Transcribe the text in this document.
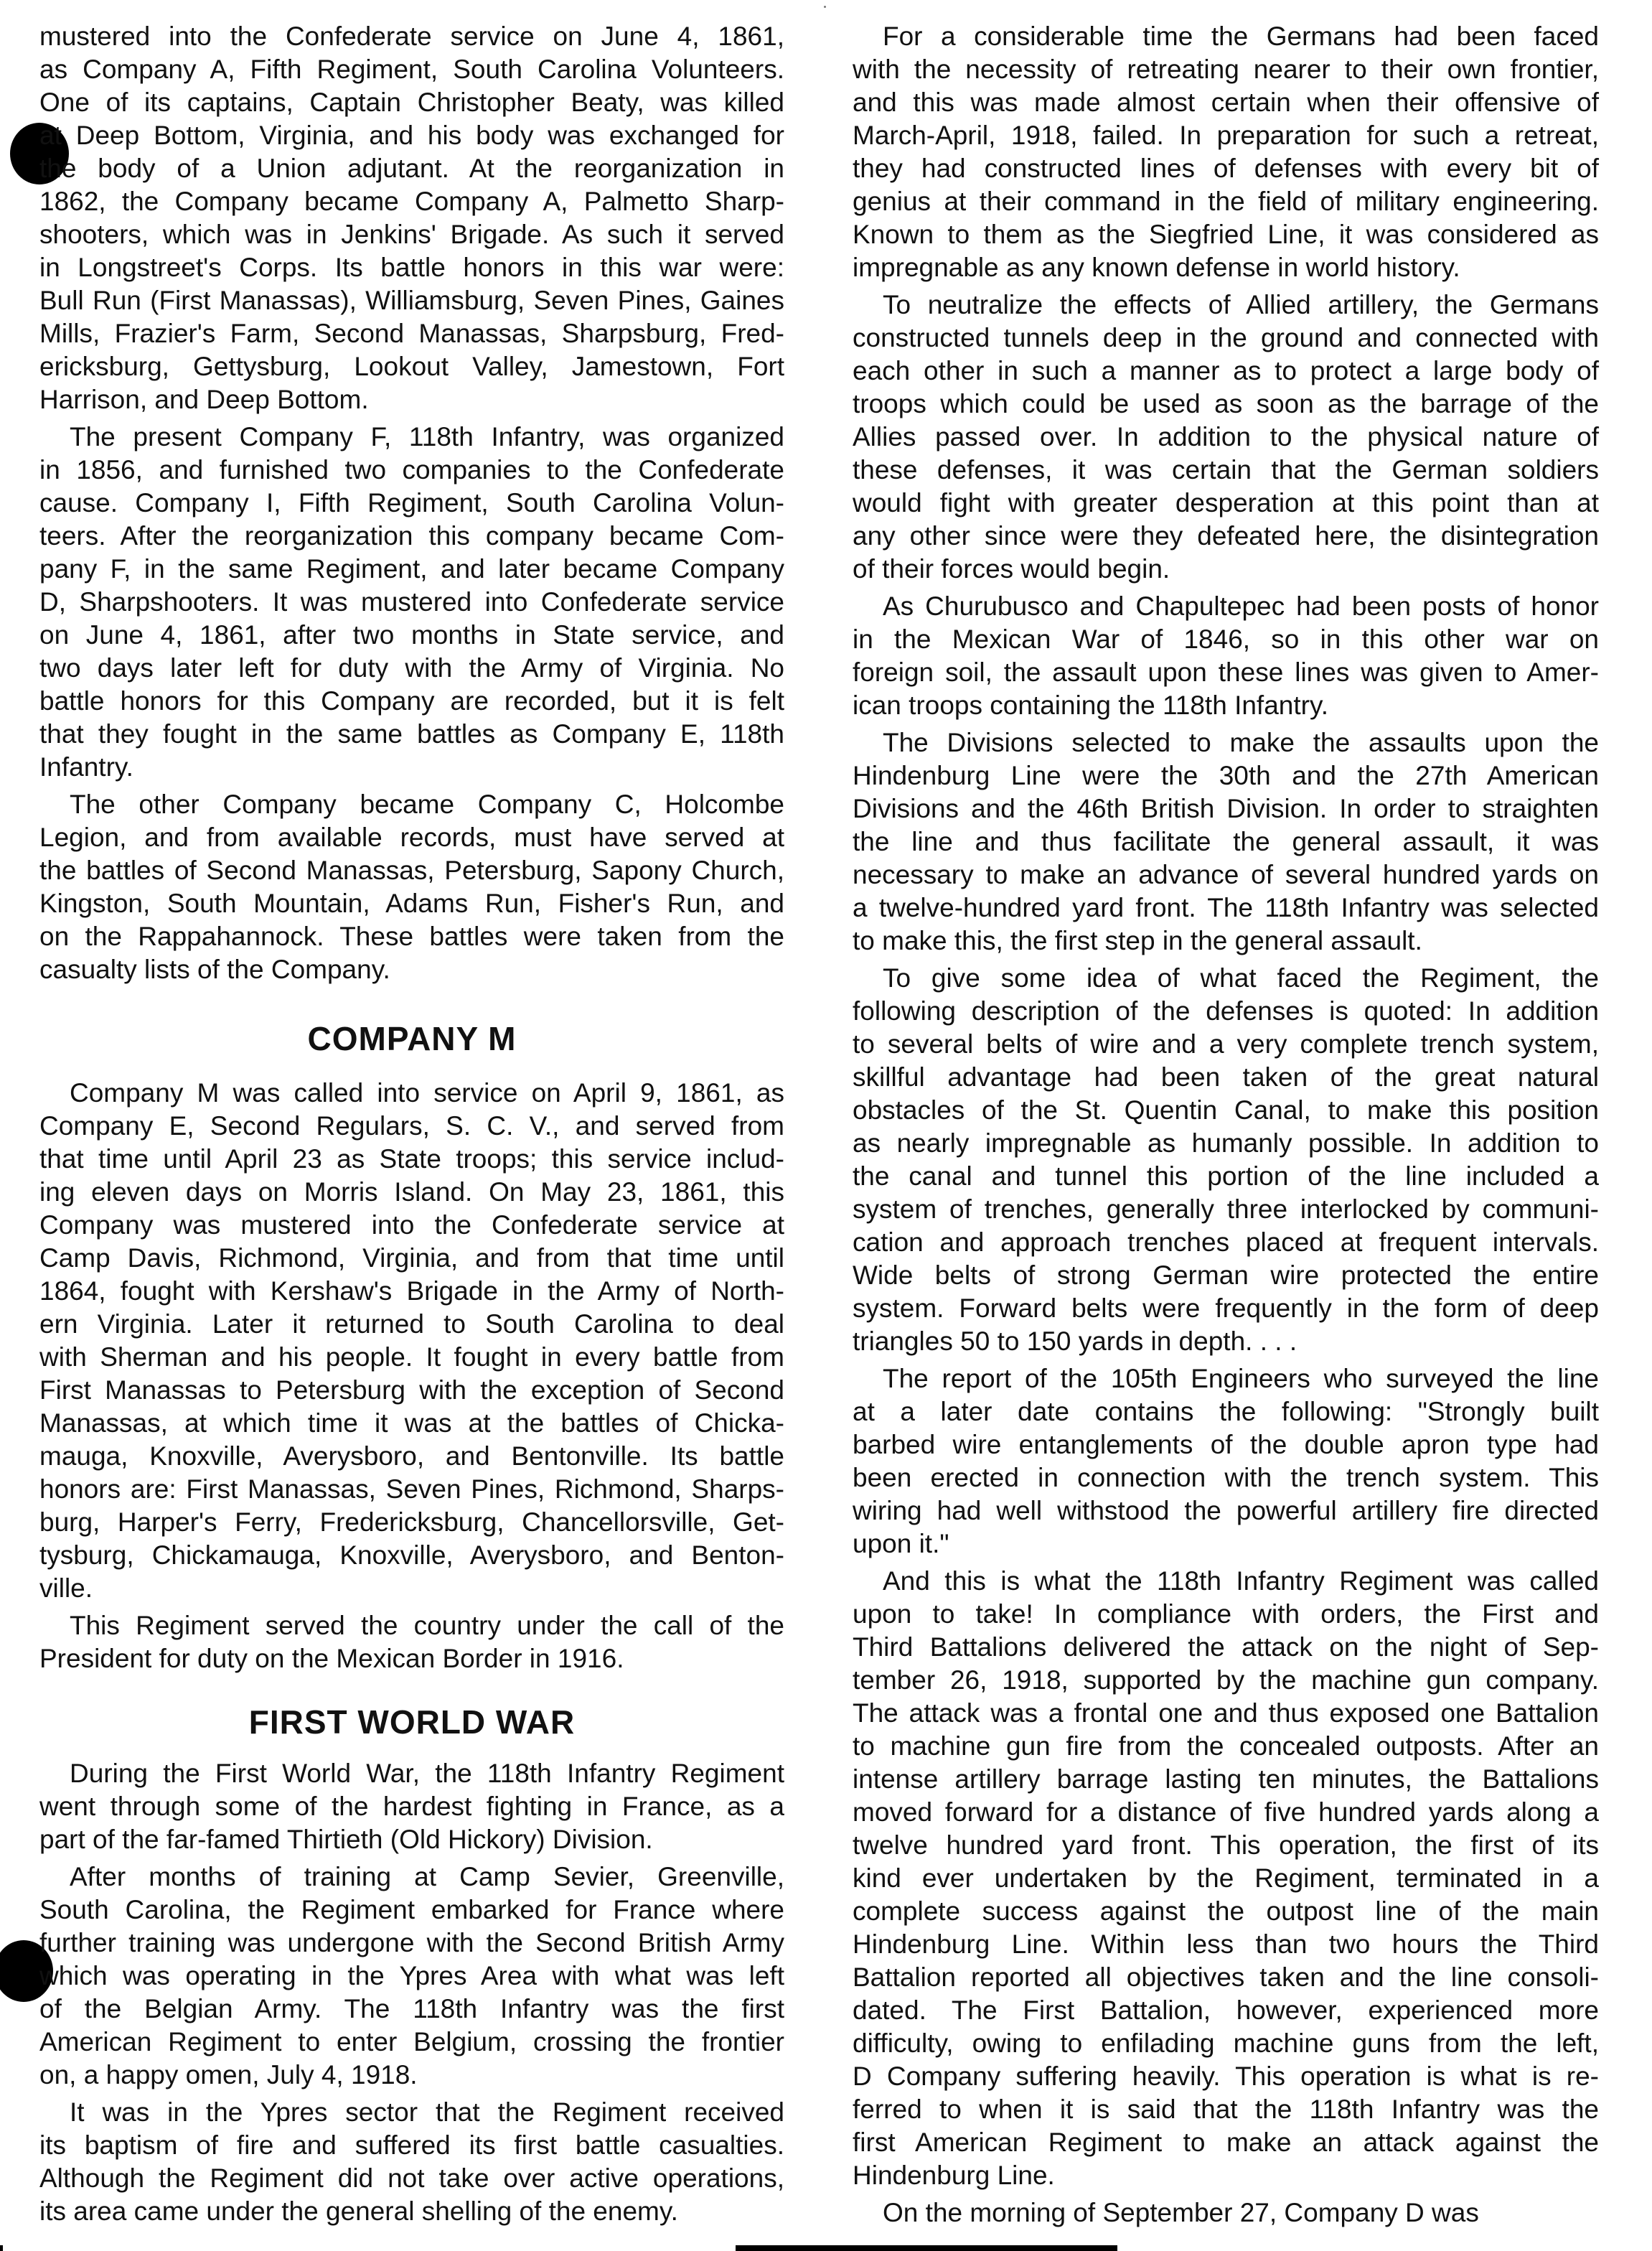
mustered into the Confederate service on June 4, 1861,
as Company A, Fifth Regiment, South Carolina Volunteers.
One of its captains, Captain Christopher Beaty, was killed
at Deep Bottom, Virginia, and his body was exchanged for
the body of a Union adjutant. At the reorganization in
1862, the Company became Company A, Palmetto Sharp-
shooters, which was in Jenkins' Brigade. As such it served
in Longstreet's Corps. Its battle honors in this war were:
Bull Run (First Manassas), Williamsburg, Seven Pines, Gaines
Mills, Frazier's Farm, Second Manassas, Sharpsburg, Fred-
ericksburg, Gettysburg, Lookout Valley, Jamestown, Fort
Harrison, and Deep Bottom.
The present Company F, 118th Infantry, was organized
in 1856, and furnished two companies to the Confederate
cause. Company I, Fifth Regiment, South Carolina Volun-
teers. After the reorganization this company became Com-
pany F, in the same Regiment, and later became Company
D, Sharpshooters. It was mustered into Confederate service
on June 4, 1861, after two months in State service, and
two days later left for duty with the Army of Virginia. No
battle honors for this Company are recorded, but it is felt
that they fought in the same battles as Company E, 118th
Infantry.
The other Company became Company C, Holcombe
Legion, and from available records, must have served at
the battles of Second Manassas, Petersburg, Sapony Church,
Kingston, South Mountain, Adams Run, Fisher's Run, and
on the Rappahannock. These battles were taken from the
casualty lists of the Company.
COMPANY M
Company M was called into service on April 9, 1861, as
Company E, Second Regulars, S. C. V., and served from
that time until April 23 as State troops; this service includ-
ing eleven days on Morris Island. On May 23, 1861, this
Company was mustered into the Confederate service at
Camp Davis, Richmond, Virginia, and from that time until
1864, fought with Kershaw's Brigade in the Army of North-
ern Virginia. Later it returned to South Carolina to deal
with Sherman and his people. It fought in every battle from
First Manassas to Petersburg with the exception of Second
Manassas, at which time it was at the battles of Chicka-
mauga, Knoxville, Averysboro, and Bentonville. Its battle
honors are: First Manassas, Seven Pines, Richmond, Sharps-
burg, Harper's Ferry, Fredericksburg, Chancellorsville, Get-
tysburg, Chickamauga, Knoxville, Averysboro, and Benton-
ville.
This Regiment served the country under the call of the
President for duty on the Mexican Border in 1916.
FIRST WORLD WAR
During the First World War, the 118th Infantry Regiment
went through some of the hardest fighting in France, as a
part of the far-famed Thirtieth (Old Hickory) Division.
After months of training at Camp Sevier, Greenville,
South Carolina, the Regiment embarked for France where
further training was undergone with the Second British Army
which was operating in the Ypres Area with what was left
of the Belgian Army. The 118th Infantry was the first
American Regiment to enter Belgium, crossing the frontier
on, a happy omen, July 4, 1918.
It was in the Ypres sector that the Regiment received
its baptism of fire and suffered its first battle casualties.
Although the Regiment did not take over active operations,
its area came under the general shelling of the enemy.
For a considerable time the Germans had been faced
with the necessity of retreating nearer to their own frontier,
and this was made almost certain when their offensive of
March-April, 1918, failed. In preparation for such a retreat,
they had constructed lines of defenses with every bit of
genius at their command in the field of military engineering.
Known to them as the Siegfried Line, it was considered as
impregnable as any known defense in world history.
To neutralize the effects of Allied artillery, the Germans
constructed tunnels deep in the ground and connected with
each other in such a manner as to protect a large body of
troops which could be used as soon as the barrage of the
Allies passed over. In addition to the physical nature of
these defenses, it was certain that the German soldiers
would fight with greater desperation at this point than at
any other since were they defeated here, the disintegration
of their forces would begin.
As Churubusco and Chapultepec had been posts of honor
in the Mexican War of 1846, so in this other war on
foreign soil, the assault upon these lines was given to Amer-
ican troops containing the 118th Infantry.
The Divisions selected to make the assaults upon the
Hindenburg Line were the 30th and the 27th American
Divisions and the 46th British Division. In order to straighten
the line and thus facilitate the general assault, it was
necessary to make an advance of several hundred yards on
a twelve-hundred yard front. The 118th Infantry was selected
to make this, the first step in the general assault.
To give some idea of what faced the Regiment, the
following description of the defenses is quoted: In addition
to several belts of wire and a very complete trench system,
skillful advantage had been taken of the great natural
obstacles of the St. Quentin Canal, to make this position
as nearly impregnable as humanly possible. In addition to
the canal and tunnel this portion of the line included a
system of trenches, generally three interlocked by communi-
cation and approach trenches placed at frequent intervals.
Wide belts of strong German wire protected the entire
system. Forward belts were frequently in the form of deep
triangles 50 to 150 yards in depth. . . .
The report of the 105th Engineers who surveyed the line
at a later date contains the following: "Strongly built
barbed wire entanglements of the double apron type had
been erected in connection with the trench system. This
wiring had well withstood the powerful artillery fire directed
upon it."
And this is what the 118th Infantry Regiment was called
upon to take! In compliance with orders, the First and
Third Battalions delivered the attack on the night of Sep-
tember 26, 1918, supported by the machine gun company.
The attack was a frontal one and thus exposed one Battalion
to machine gun fire from the concealed outposts. After an
intense artillery barrage lasting ten minutes, the Battalions
moved forward for a distance of five hundred yards along a
twelve hundred yard front. This operation, the first of its
kind ever undertaken by the Regiment, terminated in a
complete success against the outpost line of the main
Hindenburg Line. Within less than two hours the Third
Battalion reported all objectives taken and the line consoli-
dated. The First Battalion, however, experienced more
difficulty, owing to enfilading machine guns from the left,
D Company suffering heavily. This operation is what is re-
ferred to when it is said that the 118th Infantry was the
first American Regiment to make an attack against the
Hindenburg Line.
On the morning of September 27, Company D was
